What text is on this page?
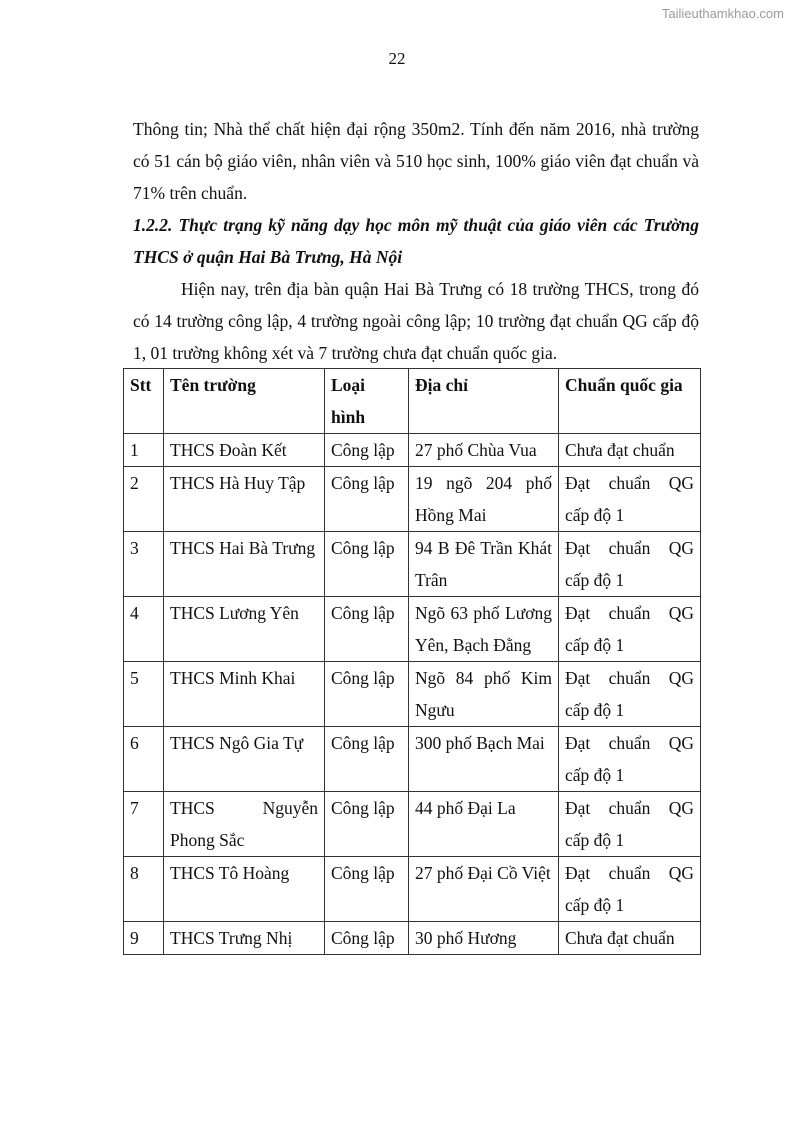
Tailieuthamkhao.com
22

Thông tin; Nhà thể chất hiện đại rộng 350m2. Tính đến năm 2016, nhà trường có 51 cán bộ giáo viên, nhân viên và 510 học sinh, 100% giáo viên đạt chuẩn và 71% trên chuẩn.

1.2.2. Thực trạng kỹ năng dạy học môn mỹ thuật của giáo viên các Trường THCS ở quận Hai Bà Trưng, Hà Nội

Hiện nay, trên địa bàn quận Hai Bà Trưng có 18 trường THCS, trong đó có 14 trường công lập, 4 trường ngoài công lập; 10 trường đạt chuẩn QG cấp độ 1, 01 trường không xét và 7 trường chưa đạt chuẩn quốc gia.

Stt	Tên trường	Loại hình	Địa chỉ	Chuẩn quốc gia
1	THCS Đoàn Kết	Công lập	27 phố Chùa Vua	Chưa đạt chuẩn
2	THCS Hà Huy Tập	Công lập	19 ngõ 204 phố Hồng Mai	Đạt chuẩn QG cấp độ 1
3	THCS Hai Bà Trưng	Công lập	94 B Đê Trần Khát Trân	Đạt chuẩn QG cấp độ 1
4	THCS Lương Yên	Công lập	Ngõ 63 phố Lương Yên, Bạch Đằng	Đạt chuẩn QG cấp độ 1
5	THCS Minh Khai	Công lập	Ngõ 84 phố Kim Ngưu	Đạt chuẩn QG cấp độ 1
6	THCS Ngô Gia Tự	Công lập	300 phố Bạch Mai	Đạt chuẩn QG cấp độ 1
7	THCS Nguyễn Phong Sắc	Công lập	44 phố Đại La	Đạt chuẩn QG cấp độ 1
8	THCS Tô Hoàng	Công lập	27 phố Đại Cồ Việt	Đạt chuẩn QG cấp độ 1
9	THCS Trưng Nhị	Công lập	30 phố Hương	Chưa đạt chuẩn
